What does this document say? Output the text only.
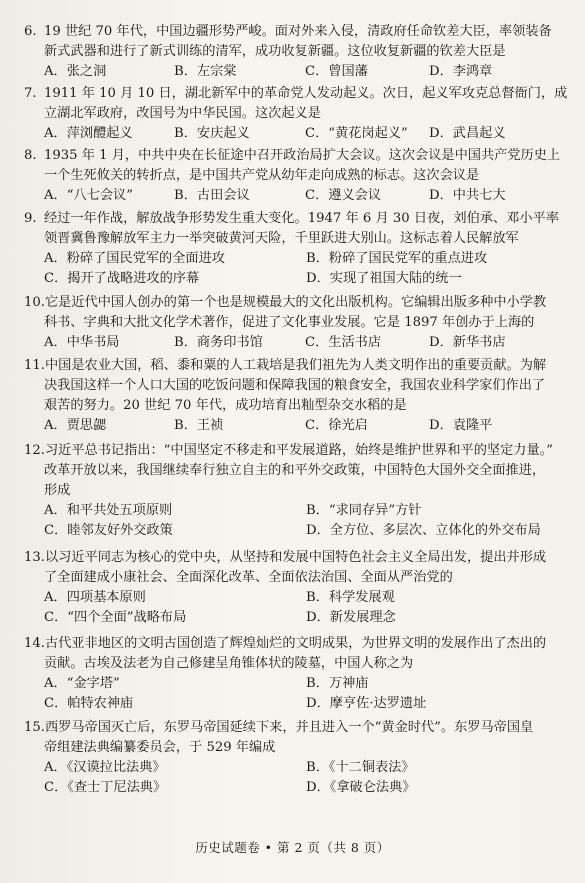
6. 19 世纪 70 年代，中国边疆形势严峻。面对外来入侵，清政府任命钦差大臣，率领装备
新式武器和进行了新式训练的清军，成功收复新疆。这位收复新疆的钦差大臣是
A．张之洞	B．左宗棠	C．曾国藩	D．李鸿章
7. 1911 年 10 月 10 日，湖北新军中的革命党人发动起义。次日，起义军攻克总督衙门，成
立湖北军政府，改国号为中华民国。这次起义是
A．萍浏醴起义	B．安庆起义	C．“黄花岗起义”	D．武昌起义
8. 1935 年 1 月，中共中央在长征途中召开政治局扩大会议。这次会议是中国共产党历史上
一个生死攸关的转折点，是中国共产党从幼年走向成熟的标志。这次会议是
A．“八七会议”	B．古田会议	C．遵义会议	D．中共七大
9. 经过一年作战，解放战争形势发生重大变化。1947 年 6 月 30 日夜，刘伯承、邓小平率
领晋冀鲁豫解放军主力一举突破黄河天险，千里跃进大别山。这标志着人民解放军
A．粉碎了国民党军的全面进攻	B．粉碎了国民党军的重点进攻
C．揭开了战略进攻的序幕	D．实现了祖国大陆的统一
10.它是近代中国人创办的第一个也是规模最大的文化出版机构。它编辑出版多种中小学教
科书、字典和大批文化学术著作，促进了文化事业发展。它是 1897 年创办于上海的
A．中华书局	B．商务印书馆	C．生活书店	D．新华书店
11.中国是农业大国，稻、黍和粟的人工栽培是我们祖先为人类文明作出的重要贡献。为解
决我国这样一个人口大国的吃饭问题和保障我国的粮食安全，我国农业科学家们作出了
艰苦的努力。20 世纪 70 年代，成功培育出籼型杂交水稻的是
A．贾思勰	B．王祯	C．徐光启	D．袁隆平
12.习近平总书记指出：“中国坚定不移走和平发展道路，始终是维护世界和平的坚定力量。”
改革开放以来，我国继续奉行独立自主的和平外交政策，中国特色大国外交全面推进，
形成
A．和平共处五项原则	B．“求同存异”方针
C．睦邻友好外交政策	D．全方位、多层次、立体化的外交布局
13.以习近平同志为核心的党中央，从坚持和发展中国特色社会主义全局出发，提出并形成
了全面建成小康社会、全面深化改革、全面依法治国、全面从严治党的
A．四项基本原则	B．科学发展观
C．“四个全面”战略布局	D．新发展理念
14.古代亚非地区的文明古国创造了辉煌灿烂的文明成果，为世界文明的发展作出了杰出的
贡献。古埃及法老为自己修建呈角锥体状的陵墓，中国人称之为
A．“金字塔”	B．万神庙
C．帕特农神庙	D．摩亨佐·达罗遗址
15.西罗马帝国灭亡后，东罗马帝国延续下来，并且进入一个“黄金时代”。东罗马帝国皇
帝组建法典编纂委员会，于 529 年编成
A．《汉谟拉比法典》	B．《十二铜表法》
C．《查士丁尼法典》	D．《拿破仑法典》
历史试题卷 • 第 2 页（共 8 页）
